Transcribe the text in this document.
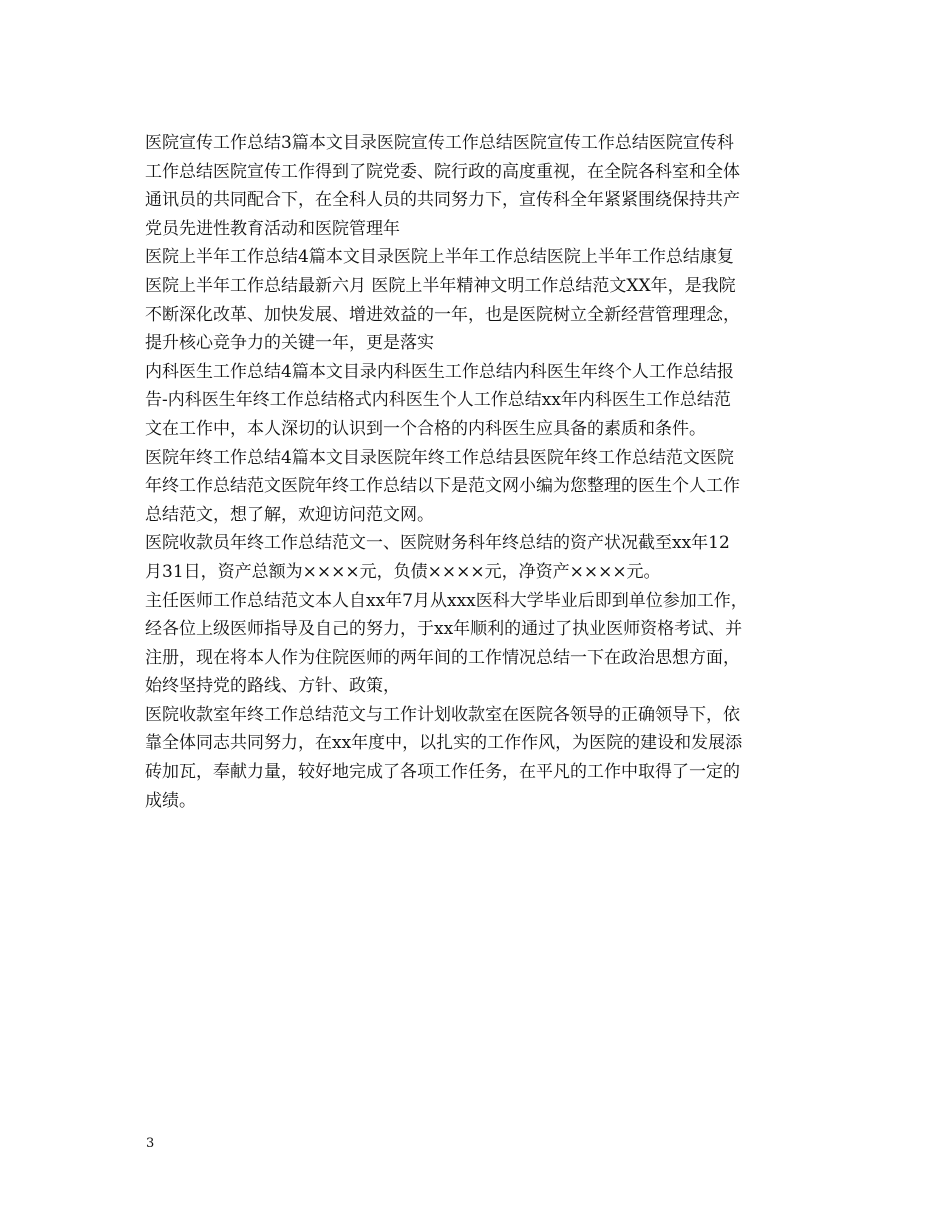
医院宣传工作总结3篇本文目录医院宣传工作总结医院宣传工作总结医院宣传科
工作总结医院宣传工作得到了院党委、院行政的高度重视，在全院各科室和全体
通讯员的共同配合下，在全科人员的共同努力下，宣传科全年紧紧围绕保持共产
党员先进性教育活动和医院管理年
医院上半年工作总结4篇本文目录医院上半年工作总结医院上半年工作总结康复
医院上半年工作总结最新六月 医院上半年精神文明工作总结范文XX年，是我院
不断深化改革、加快发展、增进效益的一年，也是医院树立全新经营管理理念，
提升核心竞争力的关键一年，更是落实
内科医生工作总结4篇本文目录内科医生工作总结内科医生年终个人工作总结报
告-内科医生年终工作总结格式内科医生个人工作总结xx年内科医生工作总结范
文在工作中，本人深切的认识到一个合格的内科医生应具备的素质和条件。
医院年终工作总结4篇本文目录医院年终工作总结县医院年终工作总结范文医院
年终工作总结范文医院年终工作总结以下是范文网小编为您整理的医生个人工作
总结范文，想了解，欢迎访问范文网。
医院收款员年终工作总结范文一、医院财务科年终总结的资产状况截至xx年12
月31日，资产总额为××××元，负债××××元，净资产××××元。
主任医师工作总结范文本人自xx年7月从xxx医科大学毕业后即到单位参加工作，
经各位上级医师指导及自己的努力，于xx年顺利的通过了执业医师资格考试、并
注册，现在将本人作为住院医师的两年间的工作情况总结一下在政治思想方面，
始终坚持党的路线、方针、政策，
医院收款室年终工作总结范文与工作计划收款室在医院各领导的正确领导下，依
靠全体同志共同努力，在xx年度中，以扎实的工作作风，为医院的建设和发展添
砖加瓦，奉献力量，较好地完成了各项工作任务，在平凡的工作中取得了一定的
成绩。
3
